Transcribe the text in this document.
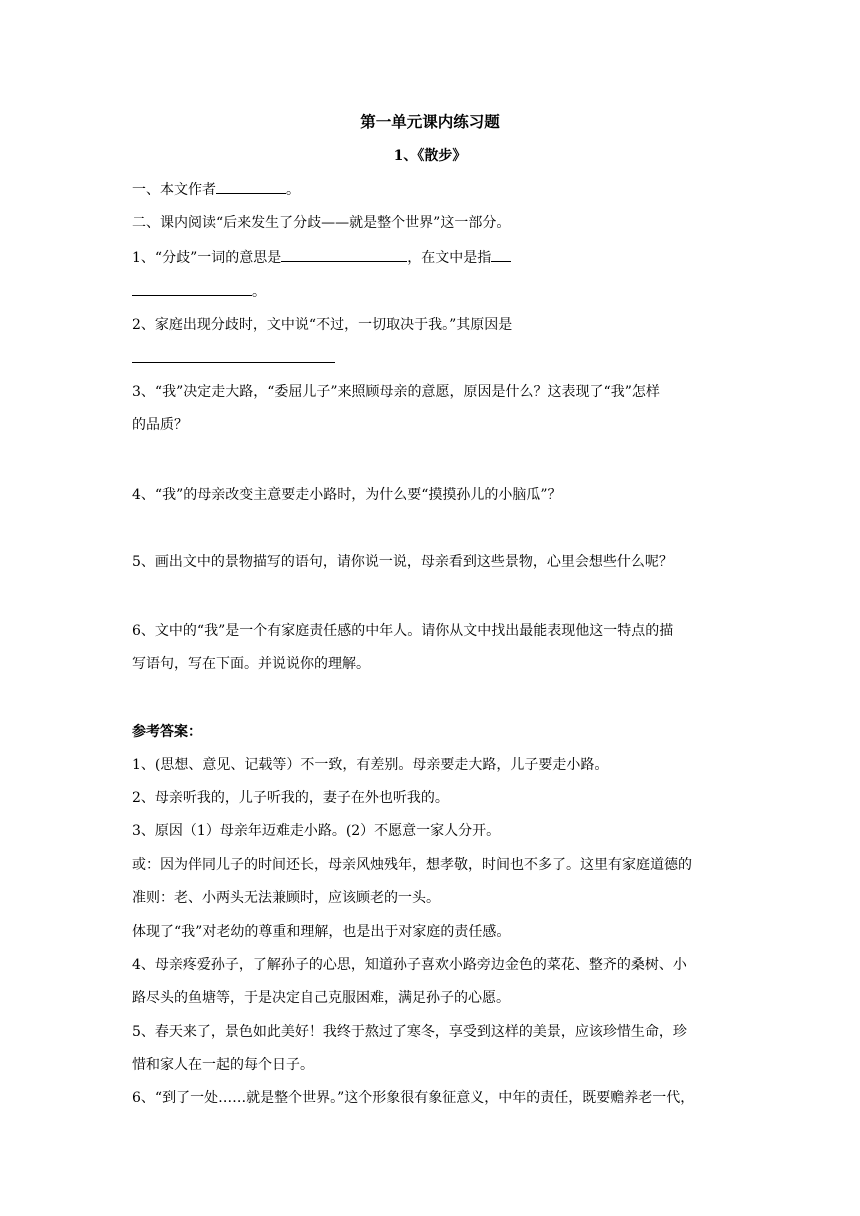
第一单元课内练习题
1、《散步》
一、本文作者	。
二、课内阅读“后来发生了分歧——就是整个世界”这一部分。
1、“分歧”一词的意思是	，在文中是指
。
2、家庭出现分歧时，文中说“不过，一切取决于我。”其原因是
3、“我”决定走大路，“委屈儿子”来照顾母亲的意愿，原因是什么？这表现了“我”怎样
的品质？
4、“我”的母亲改变主意要走小路时，为什么要“摸摸孙儿的小脑瓜”？
5、画出文中的景物描写的语句，请你说一说，母亲看到这些景物，心里会想些什么呢？
6、文中的“我”是一个有家庭责任感的中年人。请你从文中找出最能表现他这一特点的描
写语句，写在下面。并说说你的理解。
参考答案：
1、(思想、意见、记载等）不一致，有差别。母亲要走大路，儿子要走小路。
2、母亲听我的，儿子听我的，妻子在外也听我的。
3、原因（1）母亲年迈难走小路。(2）不愿意一家人分开。
或：因为伴同儿子的时间还长，母亲风烛残年，想孝敬，时间也不多了。这里有家庭道德的
准则：老、小两头无法兼顾时，应该顾老的一头。
体现了“我”对老幼的尊重和理解，也是出于对家庭的责任感。
4、母亲疼爱孙子，了解孙子的心思，知道孙子喜欢小路旁边金色的菜花、整齐的桑树、小
路尽头的鱼塘等，于是决定自己克服困难，满足孙子的心愿。
5、春天来了，景色如此美好！我终于熬过了寒冬，享受到这样的美景，应该珍惜生命，珍
惜和家人在一起的每个日子。
6、“到了一处……就是整个世界。”这个形象很有象征意义，中年的责任，既要赡养老一代，
